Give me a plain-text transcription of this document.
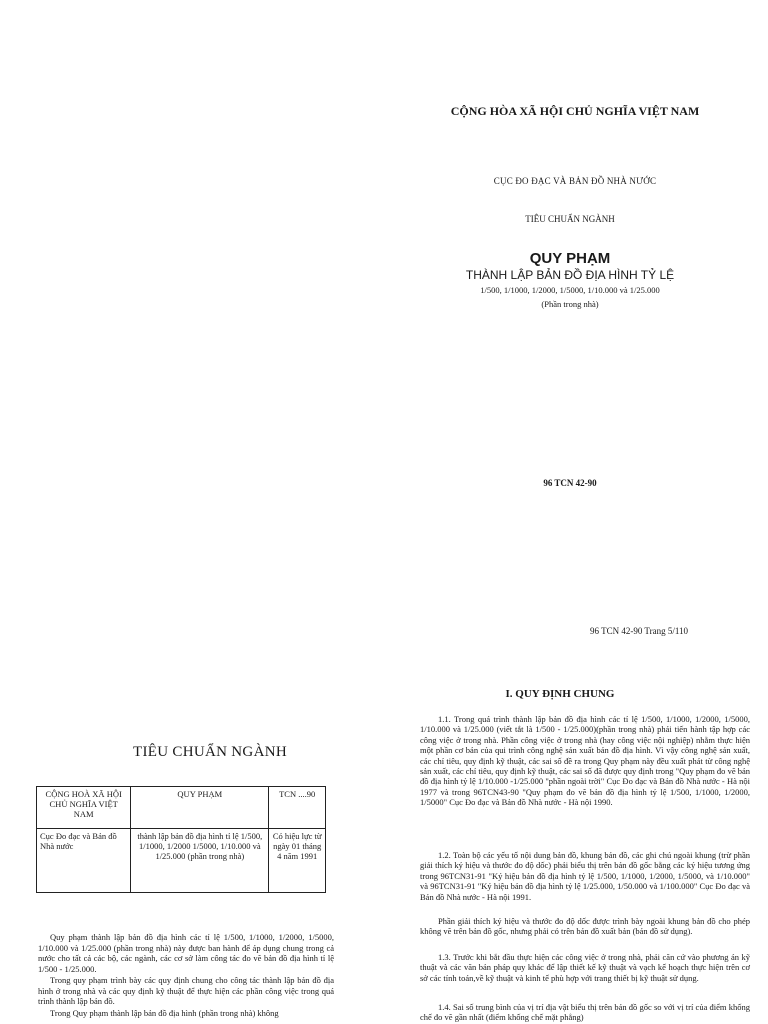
CỘNG HÒA XÃ HỘI CHỦ NGHĨA VIỆT NAM
CỤC ĐO ĐẠC VÀ BẢN ĐỒ NHÀ NƯỚC
TIÊU CHUẨN NGÀNH
QUY PHẠM
THÀNH LẬP BẢN ĐỒ ĐỊA HÌNH TỶ LỆ
1/500, 1/1000, 1/2000, 1/5000, 1/10.000 và 1/25.000
(Phần trong nhà)
96 TCN 42-90
96 TCN 42-90 Trang 5/110
TIÊU CHUẨN NGÀNH
CỘNG HOÀ XÃ HỘI CHỦ NGHĨA VIỆT NAM	QUY PHẠM	TCN ....90
Cục Đo đạc và Bản đồ Nhà nước	thành lập bản đồ địa hình tỉ lệ 1/500, 1/1000, 1/2000 1/5000, 1/10.000 và 1/25.000 (phần trong nhà)	Có hiệu lực từ ngày 01 tháng 4 năm 1991
Quy phạm thành lập bản đồ địa hình các tỉ lệ 1/500, 1/1000, 1/2000, 1/5000, 1/10.000 và 1/25.000 (phần trong nhà) này được ban hành để áp dụng chung trong cả nước cho tất cả các bộ, các ngành, các cơ sở làm công tác đo vẽ bản đồ địa hình tỉ lệ 1/500 - 1/25.000.
Trong quy phạm trình bày các quy định chung cho công tác thành lập bản đồ địa hình ở trong nhà và các quy định kỹ thuật để thực hiện các phần công việc trong quá trình thành lập bản đồ.
Trong Quy phạm thành lập bản đồ địa hình (phần trong nhà) không
I. QUY ĐỊNH CHUNG
1.1. Trong quá trình thành lập bản đồ địa hình các tỉ lệ 1/500, 1/1000, 1/2000, 1/5000, 1/10.000 và 1/25.000 (viết tắt là 1/500 - 1/25.000)(phần trong nhà) phải tiến hành tập hợp các công việc ở trong nhà. Phần công việc ở trong nhà (hay công việc nội nghiệp) nhằm thực hiện một phần cơ bản của qui trình công nghệ sản xuất bản đồ địa hình. Vì vậy công nghệ sản xuất, các chỉ tiêu, quy định kỹ thuật, các sai số đề ra trong Quy phạm này đều xuất phát từ công nghệ sản xuất, các chỉ tiêu, quy định kỹ thuật, các sai số đã được quy định trong "Quy phạm đo vẽ bản đồ địa hình tỷ lệ 1/10.000 -1/25.000 "phần ngoài trời" Cục Đo đạc và Bản đồ Nhà nước - Hà nội 1977 và trong 96TCN43-90 "Quy phạm đo vẽ bản đồ địa hình tỷ lệ 1/500, 1/1000, 1/2000, 1/5000" Cục Đo đạc và Bản đồ Nhà nước - Hà nội 1990.
1.2. Toàn bộ các yếu tố nội dung bản đồ, khung bản đồ, các ghi chú ngoài khung (trừ phần giải thích ký hiệu và thước đo độ dốc) phải biểu thị trên bản đồ gốc bằng các ký hiệu tương ứng trong 96TCN31-91 "Ký hiệu bản đồ địa hình tỷ lệ 1/500, 1/1000, 1/2000, 1/5000, và 1/10.000" và 96TCN31-91 "Ký hiệu bản đồ địa hình tỷ lệ 1/25.000, 1/50.000 và 1/100.000" Cục Đo đạc và Bản đồ Nhà nước - Hà nội 1991.
Phần giải thích ký hiệu và thước đo độ dốc được trình bày ngoài khung bản đồ cho phép không vẽ trên bản đồ gốc, nhưng phải có trên bản đồ xuất bản (bản đồ sử dụng).
1.3. Trước khi bắt đầu thực hiện các công việc ở trong nhà, phải căn cứ vào phương án kỹ thuật và các văn bản pháp quy khác để lập thiết kế kỹ thuật và vạch kế hoạch thực hiện trên cơ sở các tính toán,về kỹ thuật và kinh tế phù hợp với trang thiết bị kỹ thuật sử dụng.
1.4. Sai số trung bình của vị trí địa vật biểu thị trên bản đồ gốc so với vị trí của điểm khống chế đo vẽ gần nhất (điểm khống chế mặt phẳng)
